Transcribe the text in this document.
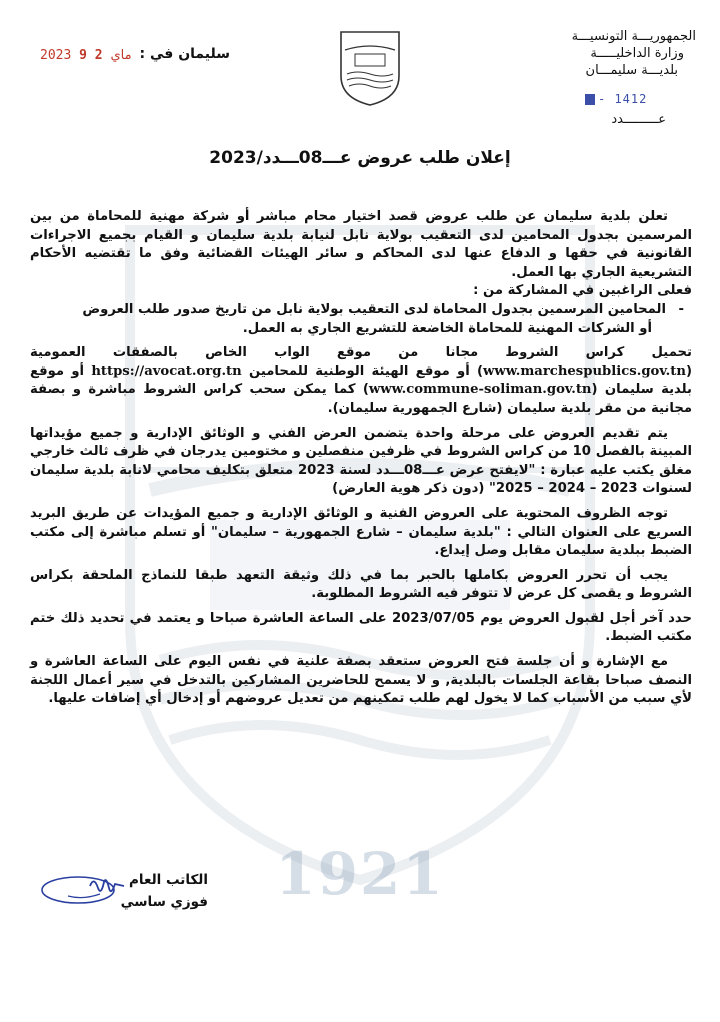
1921
الجمهوريـــة التونسيـــة
وزارة الداخليـــــة
بلديـــة سليمـــان
- 1412
عـــــــــدد
سليمان في :
2023	ماي 2 9
إعلان طلب عروض عـــ08ـــدد/2023

تعلن بلدية سليمان عن طلب عروض قصد اختيار محام مباشر أو شركة مهنية للمحاماة من بين المرسمين بجدول المحامين لدى التعقيب بولاية نابل لنيابة بلدية سليمان و القيام بجميع الاجراءات القانونية في حقها و الدفاع عنها لدى المحاكم و سائر الهيئات القضائية وفق ما تقتضيه الأحكام التشريعية الجاري بها العمل.

فعلى الراغبين في المشاركة من :

- المحامين المرسمين بجدول المحاماة لدى التعقيب بولاية نابل من تاريخ صدور طلب العروض

أو الشركات المهنية للمحاماة الخاضعة للتشريع الجاري به العمل.

تحميل كراس الشروط مجانا من موقع الواب الخاص بالصفقات العمومية (www.marchespublics.gov.tn) أو موقع الهيئة الوطنية للمحامين https://avocat.org.tn أو موقع بلدية سليمان (www.commune-soliman.gov.tn) كما يمكن سحب كراس الشروط مباشرة و بصفة مجانية من مقر بلدية سليمان (شارع الجمهورية سليمان).

يتم تقديم العروض على مرحلة واحدة يتضمن العرض الفني و الوثائق الإدارية و جميع مؤيداتها المبينة بالفصل 10 من كراس الشروط في ظرفين منفصلين و مختومين يدرجان في ظرف ثالث خارجي مغلق يكتب عليه عبارة : "لايفتح عرض عـــ08ـــدد لسنة 2023 متعلق بتكليف محامي لانابة بلدية سليمان لسنوات 2023 – 2024 – 2025" (دون ذكر هوية العارض)

توجه الظروف المحتوية على العروض الفنية و الوثائق الإدارية و جميع المؤيدات عن طريق البريد السريع على العنوان التالي : "بلدية سليمان – شارع الجمهورية – سليمان" أو تسلم مباشرة إلى مكتب الضبط ببلدية سليمان مقابل وصل إيداع.

يجب أن تحرر العروض بكاملها بالحبر بما في ذلك وثيقة التعهد طبقا للنماذج الملحقة بكراس الشروط و يقصى كل عرض لا تتوفر فيه الشروط المطلوبة.

حدد آخر أجل لقبول العروض يوم 2023/07/05 على الساعة العاشرة صباحا و يعتمد في تحديد ذلك ختم مكتب الضبط.

مع الإشارة و أن جلسة فتح العروض ستعقد بصفة علنية في نفس اليوم على الساعة العاشرة و النصف صباحا بقاعة الجلسات بالبلدية, و لا يسمح للحاضرين المشاركين بالتدخل في سير أعمال اللجنة لأي سبب من الأسباب كما لا يخول لهم طلب تمكينهم من تعديل عروضهم أو إدخال أي إضافات عليها.

الكاتب العام
فوزي ساسي
